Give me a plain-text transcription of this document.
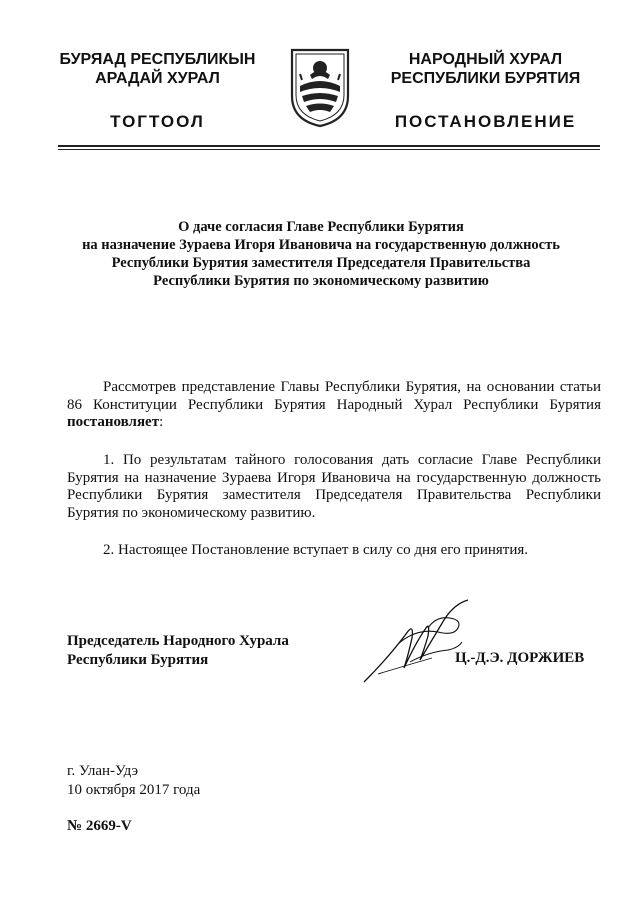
БУРЯАД РЕСПУБЛИКЫН
АРАДАЙ ХУРАЛ
ТОГТООЛ
НАРОДНЫЙ ХУРАЛ
РЕСПУБЛИКИ БУРЯТИЯ
ПОСТАНОВЛЕНИЕ
О даче согласия Главе Республики Бурятия
на назначение Зураева Игоря Ивановича на государственную должность
Республики Бурятия заместителя Председателя Правительства
Республики Бурятия по экономическому развитию
Рассмотрев представление Главы Республики Бурятия, на основании статьи 86 Конституции Республики Бурятия Народный Хурал Республики Бурятия постановляет:
1. По результатам тайного голосования дать согласие Главе Республики Бурятия на назначение Зураева Игоря Ивановича на государственную должность Республики Бурятия заместителя Председателя Правительства Республики Бурятия по экономическому развитию.
2. Настоящее Постановление вступает в силу со дня его принятия.
Председатель Народного Хурала
Республики Бурятия	Ц.-Д.Э. ДОРЖИЕВ
г. Улан-Удэ
10 октября 2017 года
№ 2669-V
